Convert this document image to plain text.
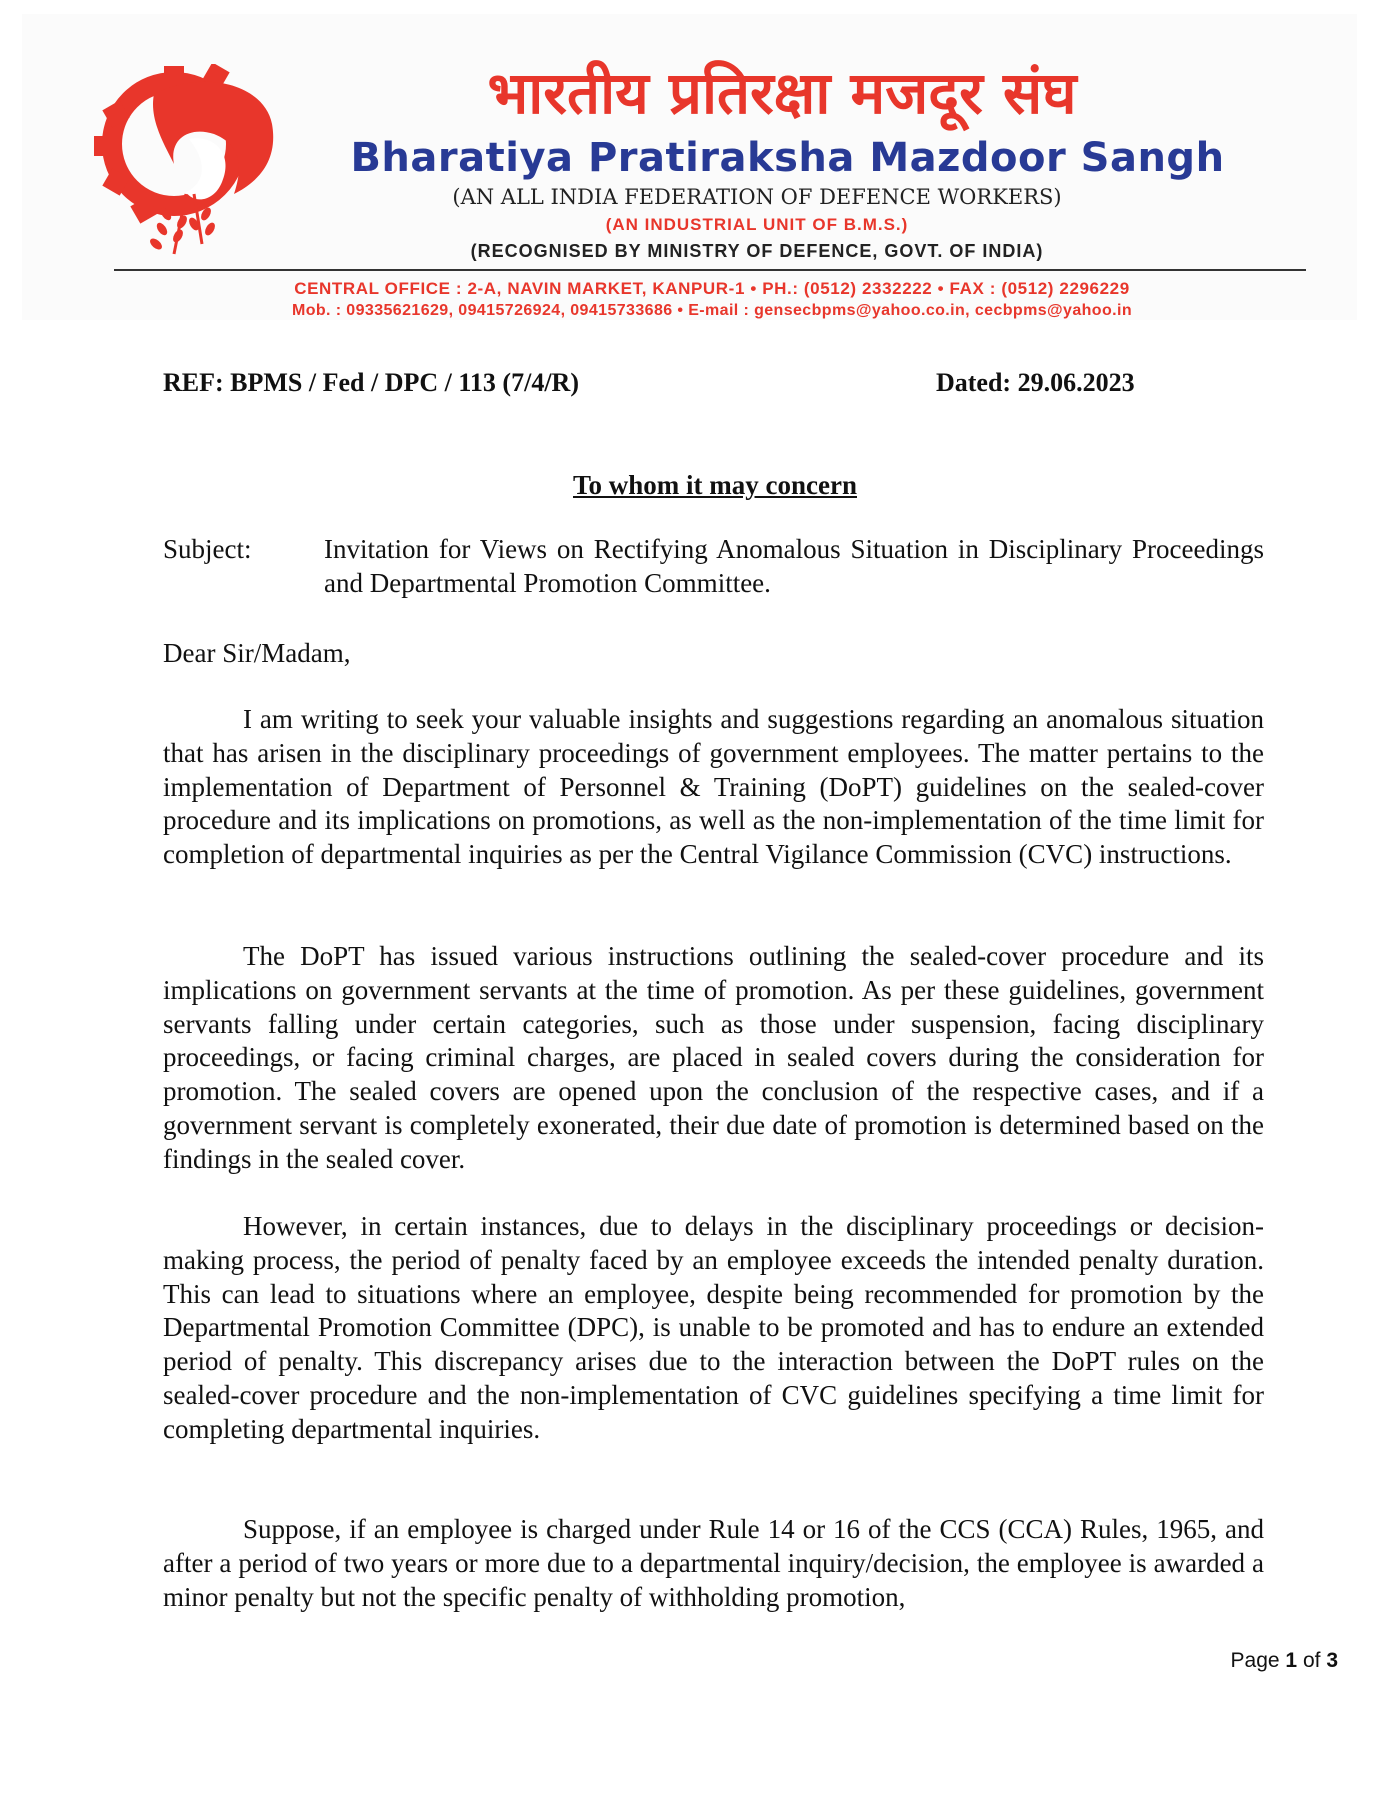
भारतीय प्रतिरक्षा मजदूर संघ
Bharatiya Pratiraksha Mazdoor Sangh
(AN ALL INDIA FEDERATION OF DEFENCE WORKERS)
(AN INDUSTRIAL UNIT OF B.M.S.)
(RECOGNISED BY MINISTRY OF DEFENCE, GOVT. OF INDIA)
CENTRAL OFFICE : 2-A, NAVIN MARKET, KANPUR-1 • PH.: (0512) 2332222 • FAX : (0512) 2296229
Mob. : 09335621629, 09415726924, 09415733686 • E-mail : gensecbpms@yahoo.co.in, cecbpms@yahoo.in
REF: BPMS / Fed / DPC / 113 (7/4/R)	Dated: 29.06.2023
To whom it may concern
Subject:	Invitation for Views on Rectifying Anomalous Situation in Disciplinary Proceedings and Departmental Promotion Committee.
Dear Sir/Madam,

I am writing to seek your valuable insights and suggestions regarding an anomalous situation that has arisen in the disciplinary proceedings of government employees. The matter pertains to the implementation of Department of Personnel & Training (DoPT) guidelines on the sealed-cover procedure and its implications on promotions, as well as the non-implementation of the time limit for completion of departmental inquiries as per the Central Vigilance Commission (CVC) instructions.

The DoPT has issued various instructions outlining the sealed-cover procedure and its implications on government servants at the time of promotion. As per these guidelines, government servants falling under certain categories, such as those under suspension, facing disciplinary proceedings, or facing criminal charges, are placed in sealed covers during the consideration for promotion. The sealed covers are opened upon the conclusion of the respective cases, and if a government servant is completely exonerated, their due date of promotion is determined based on the findings in the sealed cover.

However, in certain instances, due to delays in the disciplinary proceedings or decision-making process, the period of penalty faced by an employee exceeds the intended penalty duration. This can lead to situations where an employee, despite being recommended for promotion by the Departmental Promotion Committee (DPC), is unable to be promoted and has to endure an extended period of penalty. This discrepancy arises due to the interaction between the DoPT rules on the sealed-cover procedure and the non-implementation of CVC guidelines specifying a time limit for completing departmental inquiries.

Suppose, if an employee is charged under Rule 14 or 16 of the CCS (CCA) Rules, 1965, and after a period of two years or more due to a departmental inquiry/decision, the employee is awarded a minor penalty but not the specific penalty of withholding promotion,

Page 1 of 3
